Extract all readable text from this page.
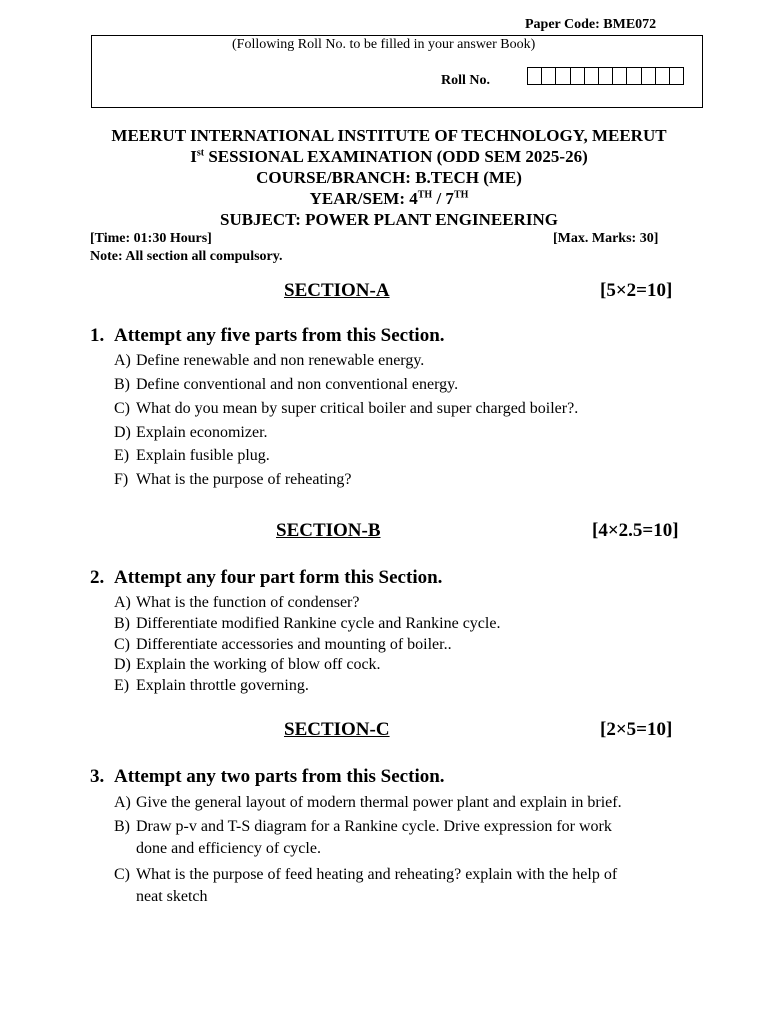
Paper Code: BME072
(Following Roll No. to be filled in your answer Book)
Roll No.
MEERUT INTERNATIONAL INSTITUTE OF TECHNOLOGY, MEERUT
Ist SESSIONAL EXAMINATION (ODD SEM 2025-26)
COURSE/BRANCH: B.TECH (ME)
YEAR/SEM: 4TH / 7TH
SUBJECT: POWER PLANT ENGINEERING
[Time: 01:30 Hours]	[Max. Marks: 30]
Note: All section all compulsory.
SECTION-A	[5×2=10]
1. Attempt any five parts from this Section.
A) Define renewable and non renewable energy.
B) Define conventional and non conventional energy.
C) What do you mean by super critical boiler and super charged boiler?.
D) Explain economizer.
E) Explain fusible plug.
F) What is the purpose of reheating?
SECTION-B	[4×2.5=10]
2. Attempt any four part form this Section.
A) What is the function of condenser?
B) Differentiate modified Rankine cycle and Rankine cycle.
C) Differentiate accessories and mounting of boiler..
D) Explain the working of blow off cock.
E) Explain throttle governing.
SECTION-C	[2×5=10]
3. Attempt any two parts from this Section.
A) Give the general layout of modern thermal power plant and explain in brief.
B) Draw p-v and T-S diagram for a Rankine cycle. Drive expression for work
done and efficiency of cycle.
C) What is the purpose of feed heating and reheating? explain with the help of
neat sketch
